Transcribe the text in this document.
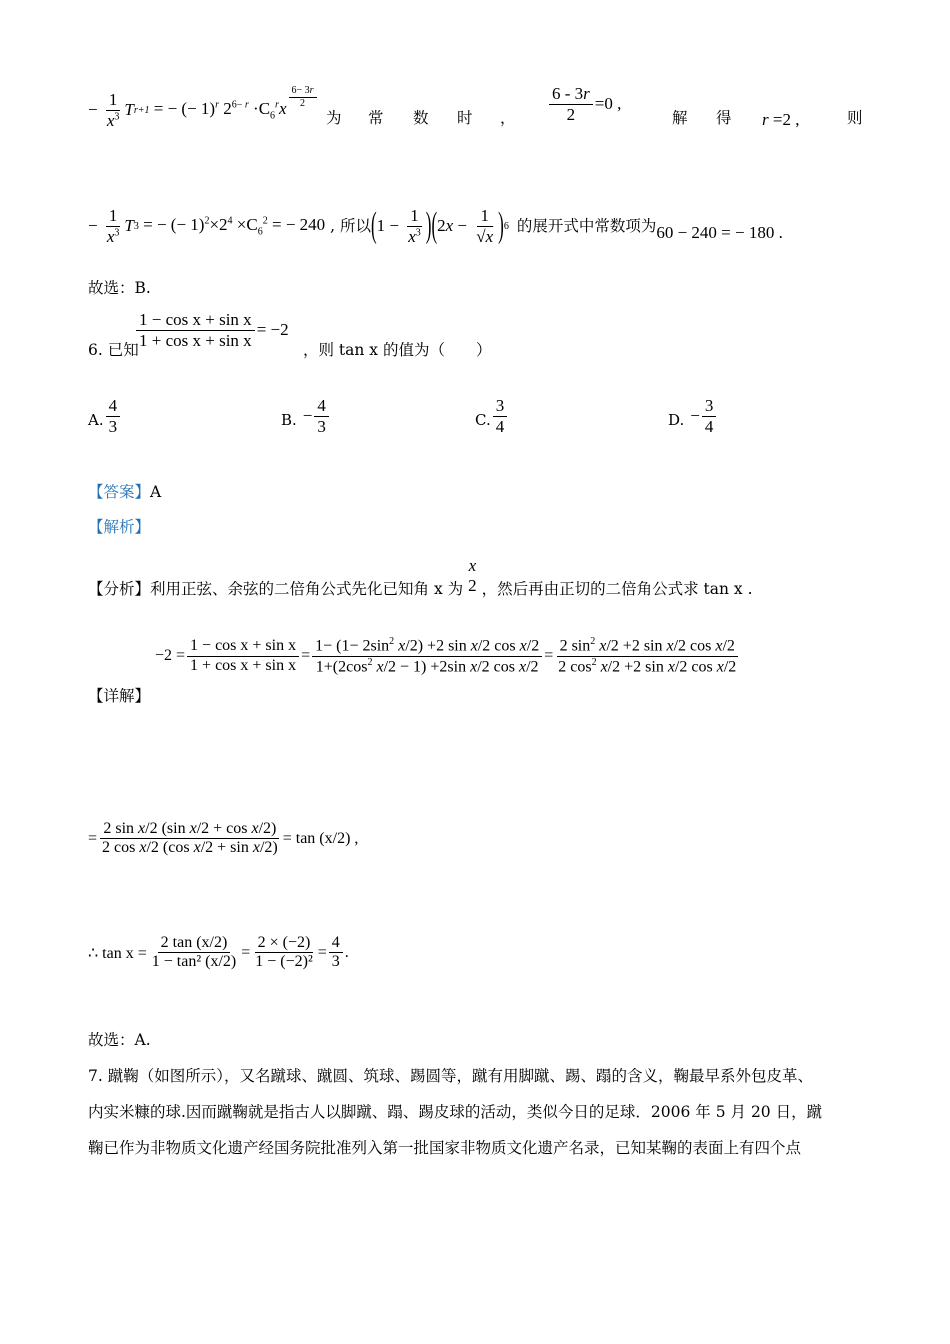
− $\frac{1}{x^3}$ T r+1 = − (− 1)$^r$ $2^{6- r} \cdot C_6^rx \frac{6- 3r}{2}$
为 常 数 时 ， $\frac{6 - 3r}{2} =0$ ,
解 得 r =2 ,	则
− $\frac{1}{x^3}$ T 3 = − (− $1)^2\times 2^4 \times C_6^2$ = − 240 , 所以 ( $1 - \frac{1}{x^3}$ ) ( $2x - \frac{1}{√x}$ ) 6 的展开式中常数项为 60 − 240 = − 180 .
故选：B.
6. 已知
$\frac{\text{1 − cos x + sin x}}{\text{1 + cos x + sin x}} = -2$
，则 tan x 的值为（　　）
A. $\frac{4}{3}$	B. − $\frac{4}{3}$	C. $\frac{3}{4}$	D. − $\frac{3}{4}$
【答案】A
【解析】
【分析】 利用正弦、余弦的二倍角公式先化已知角 x 为
x
2 ，然后再由正切的二倍角公式求 tan x .
【详解】
$-2 = \frac{\text{1 − cos x + sin x}}{\text{1 + cos x + sin x}} = \frac{1- (1- 2\sin^2 x/2) +2 \sin x/2 \cos x/2}{1+(2\cos^2 x/2 - 1) +2\sin x/2 \cos x/2} = \frac{2 \sin^2 x/2 +2 \sin x/2 \cos x/2}{2 \cos^2 x/2 +2 \sin x/2 \cos x/2}$
= $\frac{\text{2 sin x/2 (sin x/2 + cos x/2)}}{\text{2 cos x/2 (cos x/2 + sin x/2)}} = \tan (x/2)$ ,
∴ $\tan x = \frac{2 \tan (x/2)}{\text{1 − tan² (x/2)}} = \frac{2 \times (-2)}{\text{1 − (−2)²}} = \frac{4}{3}$ .
故选：A.
7. 蹴鞠（如图所示），又名蹴球、蹴圆、筑球、踢圆等，蹴有用脚蹴、踢、蹋的含义，鞠最早系外包皮革、
内实米糠的球.因而蹴鞠就是指古人以脚蹴、蹋、踢皮球的活动，类似今日的足球．2006 年 5 月 20 日，蹴
鞠已作为非物质文化遗产经国务院批准列入第一批国家非物质文化遗产名录，已知某鞠的表面上有四个点
